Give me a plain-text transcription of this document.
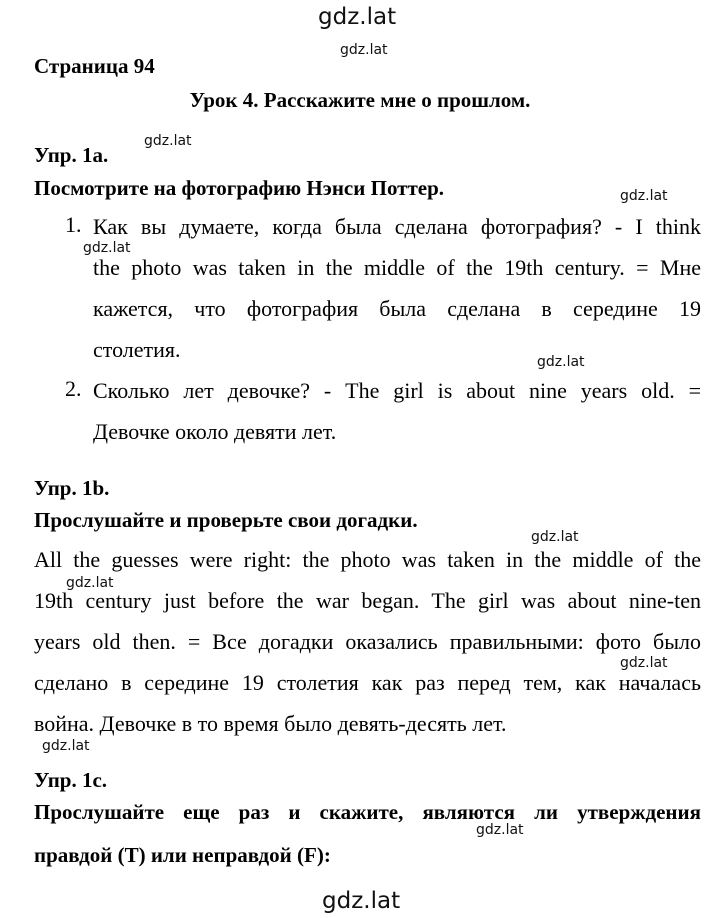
gdz.lat
gdz.lat
gdz.lat
gdz.lat
gdz.lat
gdz.lat
gdz.lat
gdz.lat
gdz.lat
gdz.lat
gdz.lat
gdz.lat
Страница 94
Урок 4. Расскажите мне о прошлом.
Упр. 1a.
Посмотрите на фотографию Нэнси Поттер.
1. Как вы думаете, когда была сделана фотография? - I think
the photo was taken in the middle of the 19th century. = Мне
кажется, что фотография была сделана в середине 19
столетия.
2. Сколько лет девочке? - The girl is about nine years old. =
Девочке около девяти лет.
Упр. 1b.
Прослушайте и проверьте свои догадки.
All the guesses were right: the photo was taken in the middle of the
19th century just before the war began. The girl was about nine-ten
years old then. = Все догадки оказались правильными: фото было
сделано в середине 19 столетия как раз перед тем, как началась
война. Девочке в то время было девять-десять лет.
Упр. 1c.
Прослушайте еще раз и скажите, являются ли утверждения
правдой (T) или неправдой (F):
